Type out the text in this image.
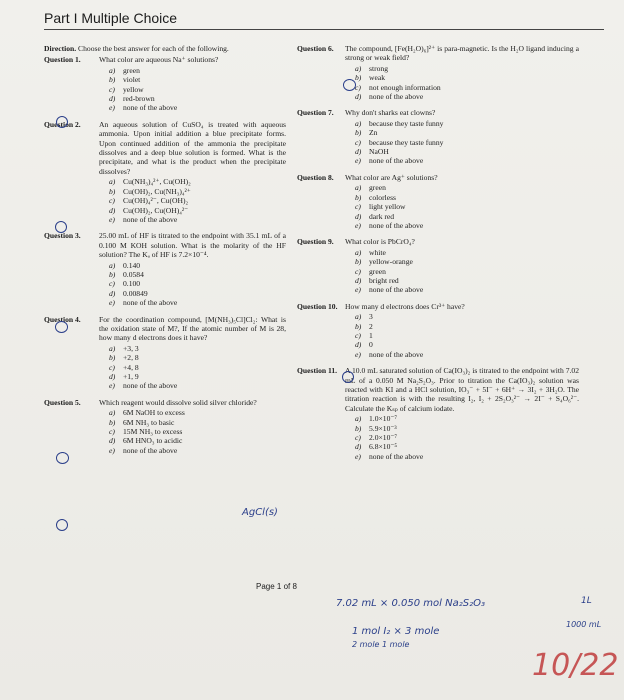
Part I Multiple Choice
Direction. Choose the best answer for each of the following.
Question 1.	What color are aqueous Na⁺ solutions?
a)	green
b)	violet
c)	yellow
d)	red-brown
e)	none of the above
Question 2.	An aqueous solution of CuSO₄ is treated with aqueous ammonia. Upon initial addition a blue precipitate forms. Upon continued addition of the ammonia the precipitate dissolves and a deep blue solution is formed. What is the precipitate, and what is the product when the precipitate dissolves?
a)	Cu(NH₃)₄²⁺, Cu(OH)₂
b)	Cu(OH)₂, Cu(NH₃)₄²⁺
c)	Cu(OH)₄²⁻, Cu(OH)₂
d)	Cu(OH)₂, Cu(OH)₄²⁻
e)	none of the above
Question 3.	25.00 mL of HF is titrated to the endpoint with 35.1 mL of a 0.100 M KOH solution. What is the molarity of the HF solution? The Kₐ of HF is 7.2×10⁻⁴.
a)	0.140
b)	0.0584
c)	0.100
d)	0.00849
e)	none of the above
Question 4.	For the coordination compound, [M(NH₃)₅Cl]Cl₂: What is the oxidation state of M?, If the atomic number of M is 28, how many d electrons does it have?
a)	+3, 3
b)	+2, 8
c)	+4, 8
d)	+1, 9
e)	none of the above
Question 5.	Which reagent would dissolve solid silver chloride?
a)	6M NaOH to excess
b)	6M NH₃ to basic
c)	15M NH₃ to excess
d)	6M HNO₃ to acidic
e)	none of the above
Question 6.	The compound, [Fe(H₂O)₆]²⁺ is para-magnetic. Is the H₂O ligand inducing a strong or weak field?
a)	strong
b)	weak
c)	not enough information
d)	none of the above
Question 7.	Why don't sharks eat clowns?
a)	because they taste funny
b)	Zn
c)	because they taste funny
d)	NaOH
e)	none of the above
Question 8.	What color are Ag⁺ solutions?
a)	green
b)	colorless
c)	light yellow
d)	dark red
e)	none of the above
Question 9.	What color is PbCrO₄?
a)	white
b)	yellow-orange
c)	green
d)	bright red
e)	none of the above
Question 10. How many d electrons does Cr³⁺ have?
a)	3
b)	2
c)	1
d)	0
e)	none of the above
Question 11.	A 10.0 mL saturated solution of Ca(IO₃)₂ is titrated to the endpoint with 7.02 mL of a 0.050 M Na₂S₂O₃. Prior to titration the Ca(IO₃)₂ solution was reacted with KI and a HCl solution, IO₃⁻ + 5I⁻ + 6H⁺ → 3I₂ + 3H₂O. The titration reaction is with the resulting I₂, I₂ + 2S₂O₃²⁻ → 2I⁻ + S₄O₆²⁻. Calculate the Kₛₚ of calcium iodate.
a)	1.0×10⁻⁷
b)	5.9×10⁻³
c)	2.0×10⁻⁷
d)	6.8×10⁻⁵
e)	none of the above
Page 1 of 8
AgCl(s)
7.02 mL × 0.050 mol Na₂S₂O₃	1L
1000 mL
1 mol I₂ × 3 mole
2 mole 1 mole
10/22
